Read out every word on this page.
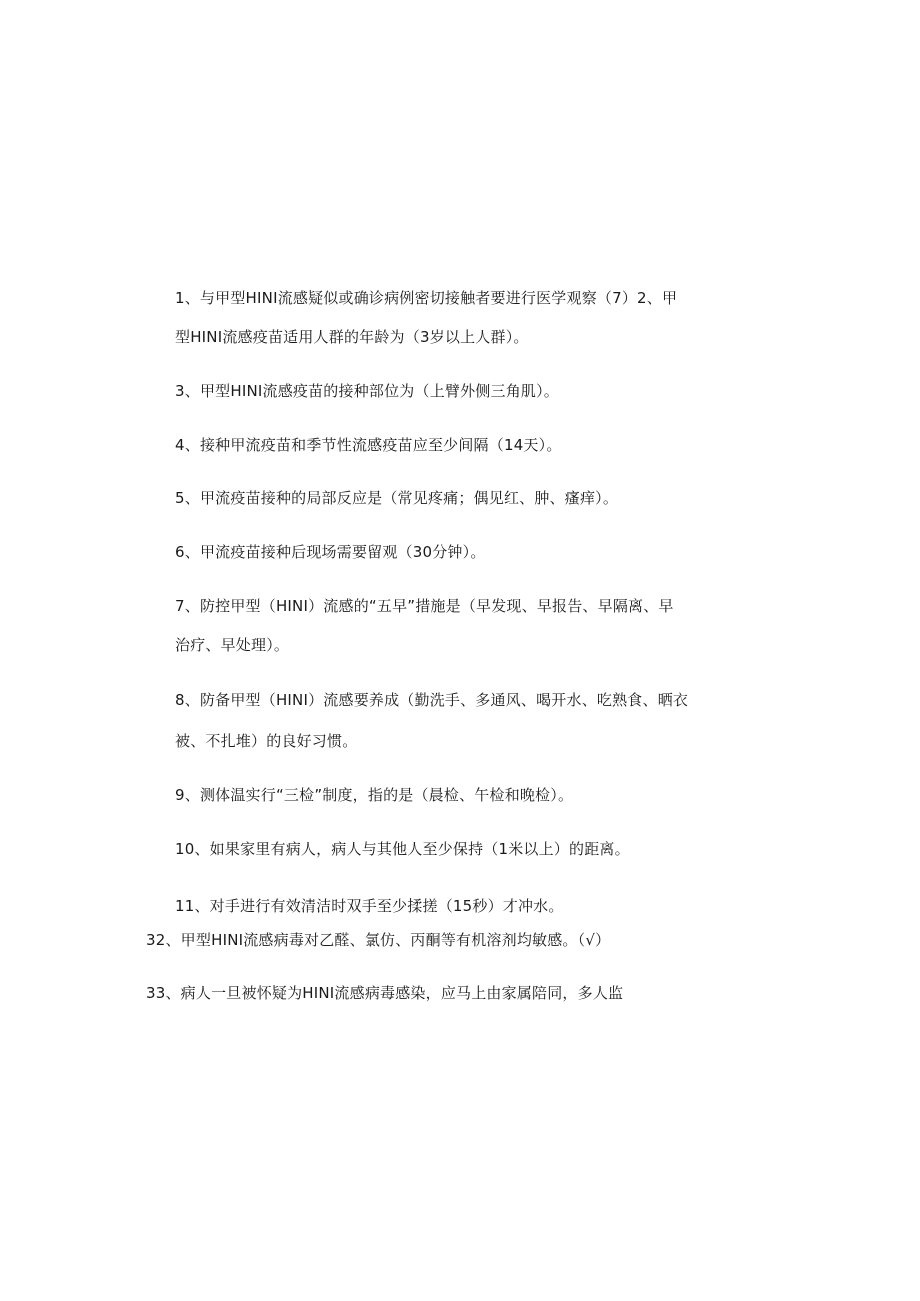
1、与甲型HINI流感疑似或确诊病例密切接触者要进行医学观察（7）2、甲
型HINI流感疫苗适用人群的年龄为（3岁以上人群）。
3、甲型HINI流感疫苗的接种部位为（上臂外侧三角肌）。
4、接种甲流疫苗和季节性流感疫苗应至少间隔（14天）。
5、甲流疫苗接种的局部反应是（常见疼痛；偶见红、肿、瘙痒）。
6、甲流疫苗接种后现场需要留观（30分钟）。
7、防控甲型（HINI）流感的“五早”措施是（早发现、早报告、早隔离、早
治疗、早处理）。
8、防备甲型（HINI）流感要养成（勤洗手、多通风、喝开水、吃熟食、晒衣
被、不扎堆）的良好习惯。
9、测体温实行“三检”制度，指的是（晨检、午检和晚检）。
10、如果家里有病人，病人与其他人至少保持（1米以上）的距离。
11、对手进行有效清洁时双手至少揉搓（15秒）才冲水。
32、甲型HINI流感病毒对乙醛、氯仿、丙酮等有机溶剂均敏感。（√）
33、病人一旦被怀疑为HINI流感病毒感染，应马上由家属陪同，多人监
